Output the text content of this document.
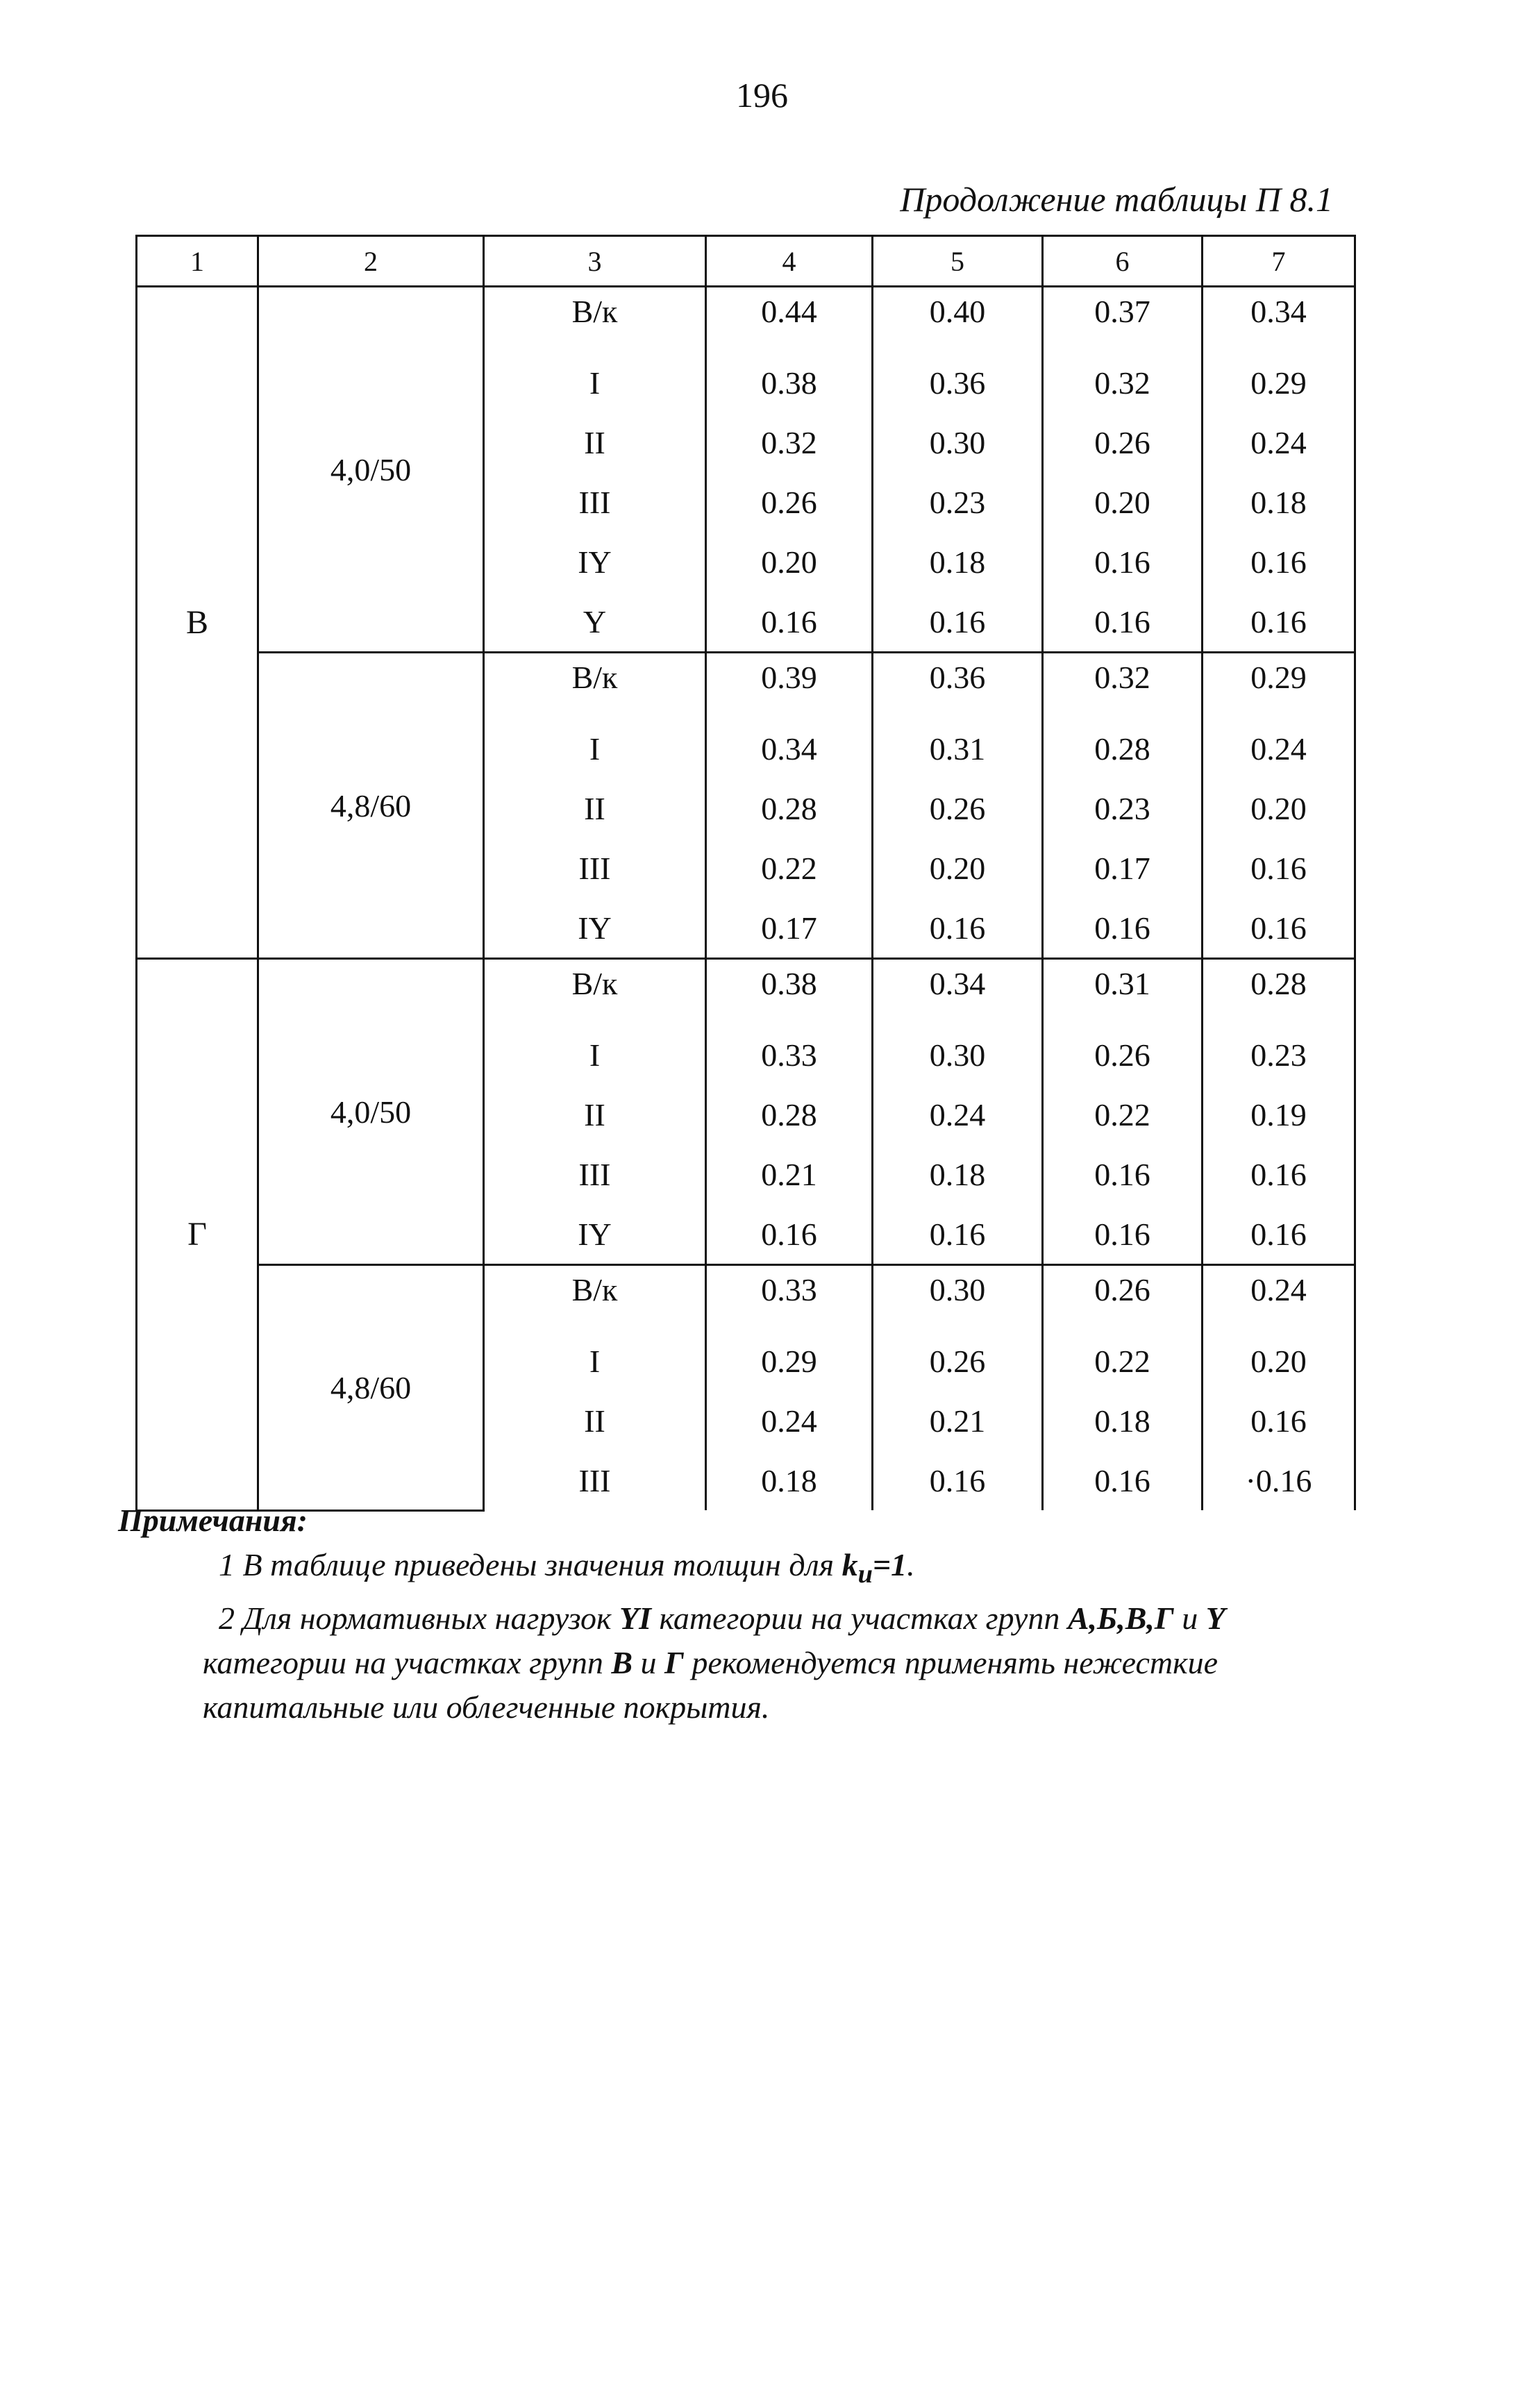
196
Продолжение таблицы П 8.1
1	2	3	4	5	6	7
В	4,0/50	В/к	0.44	0.40	0.37	0.34
		I	0.38	0.36	0.32	0.29
		II	0.32	0.30	0.26	0.24
		III	0.26	0.23	0.20	0.18
		IY	0.20	0.18	0.16	0.16
		Y	0.16	0.16	0.16	0.16
	4,8/60	В/к	0.39	0.36	0.32	0.29
		I	0.34	0.31	0.28	0.24
		II	0.28	0.26	0.23	0.20
		III	0.22	0.20	0.17	0.16
		IY	0.17	0.16	0.16	0.16
Г	4,0/50	В/к	0.38	0.34	0.31	0.28
		I	0.33	0.30	0.26	0.23
		II	0.28	0.24	0.22	0.19
		III	0.21	0.18	0.16	0.16
		IY	0.16	0.16	0.16	0.16
	4,8/60	В/к	0.33	0.30	0.26	0.24
		I	0.29	0.26	0.22	0.20
		II	0.24	0.21	0.18	0.16
		III	0.18	0.16	0.16	·0.16
Примечания:
1 В таблице приведены значения толщин для $k_u=1$.
2 Для нормативных нагрузок YI категории на участках групп А,Б,В,Г и Y
категории на участках групп В и Г рекомендуется применять нежесткие
капитальные или облегченные покрытия.
